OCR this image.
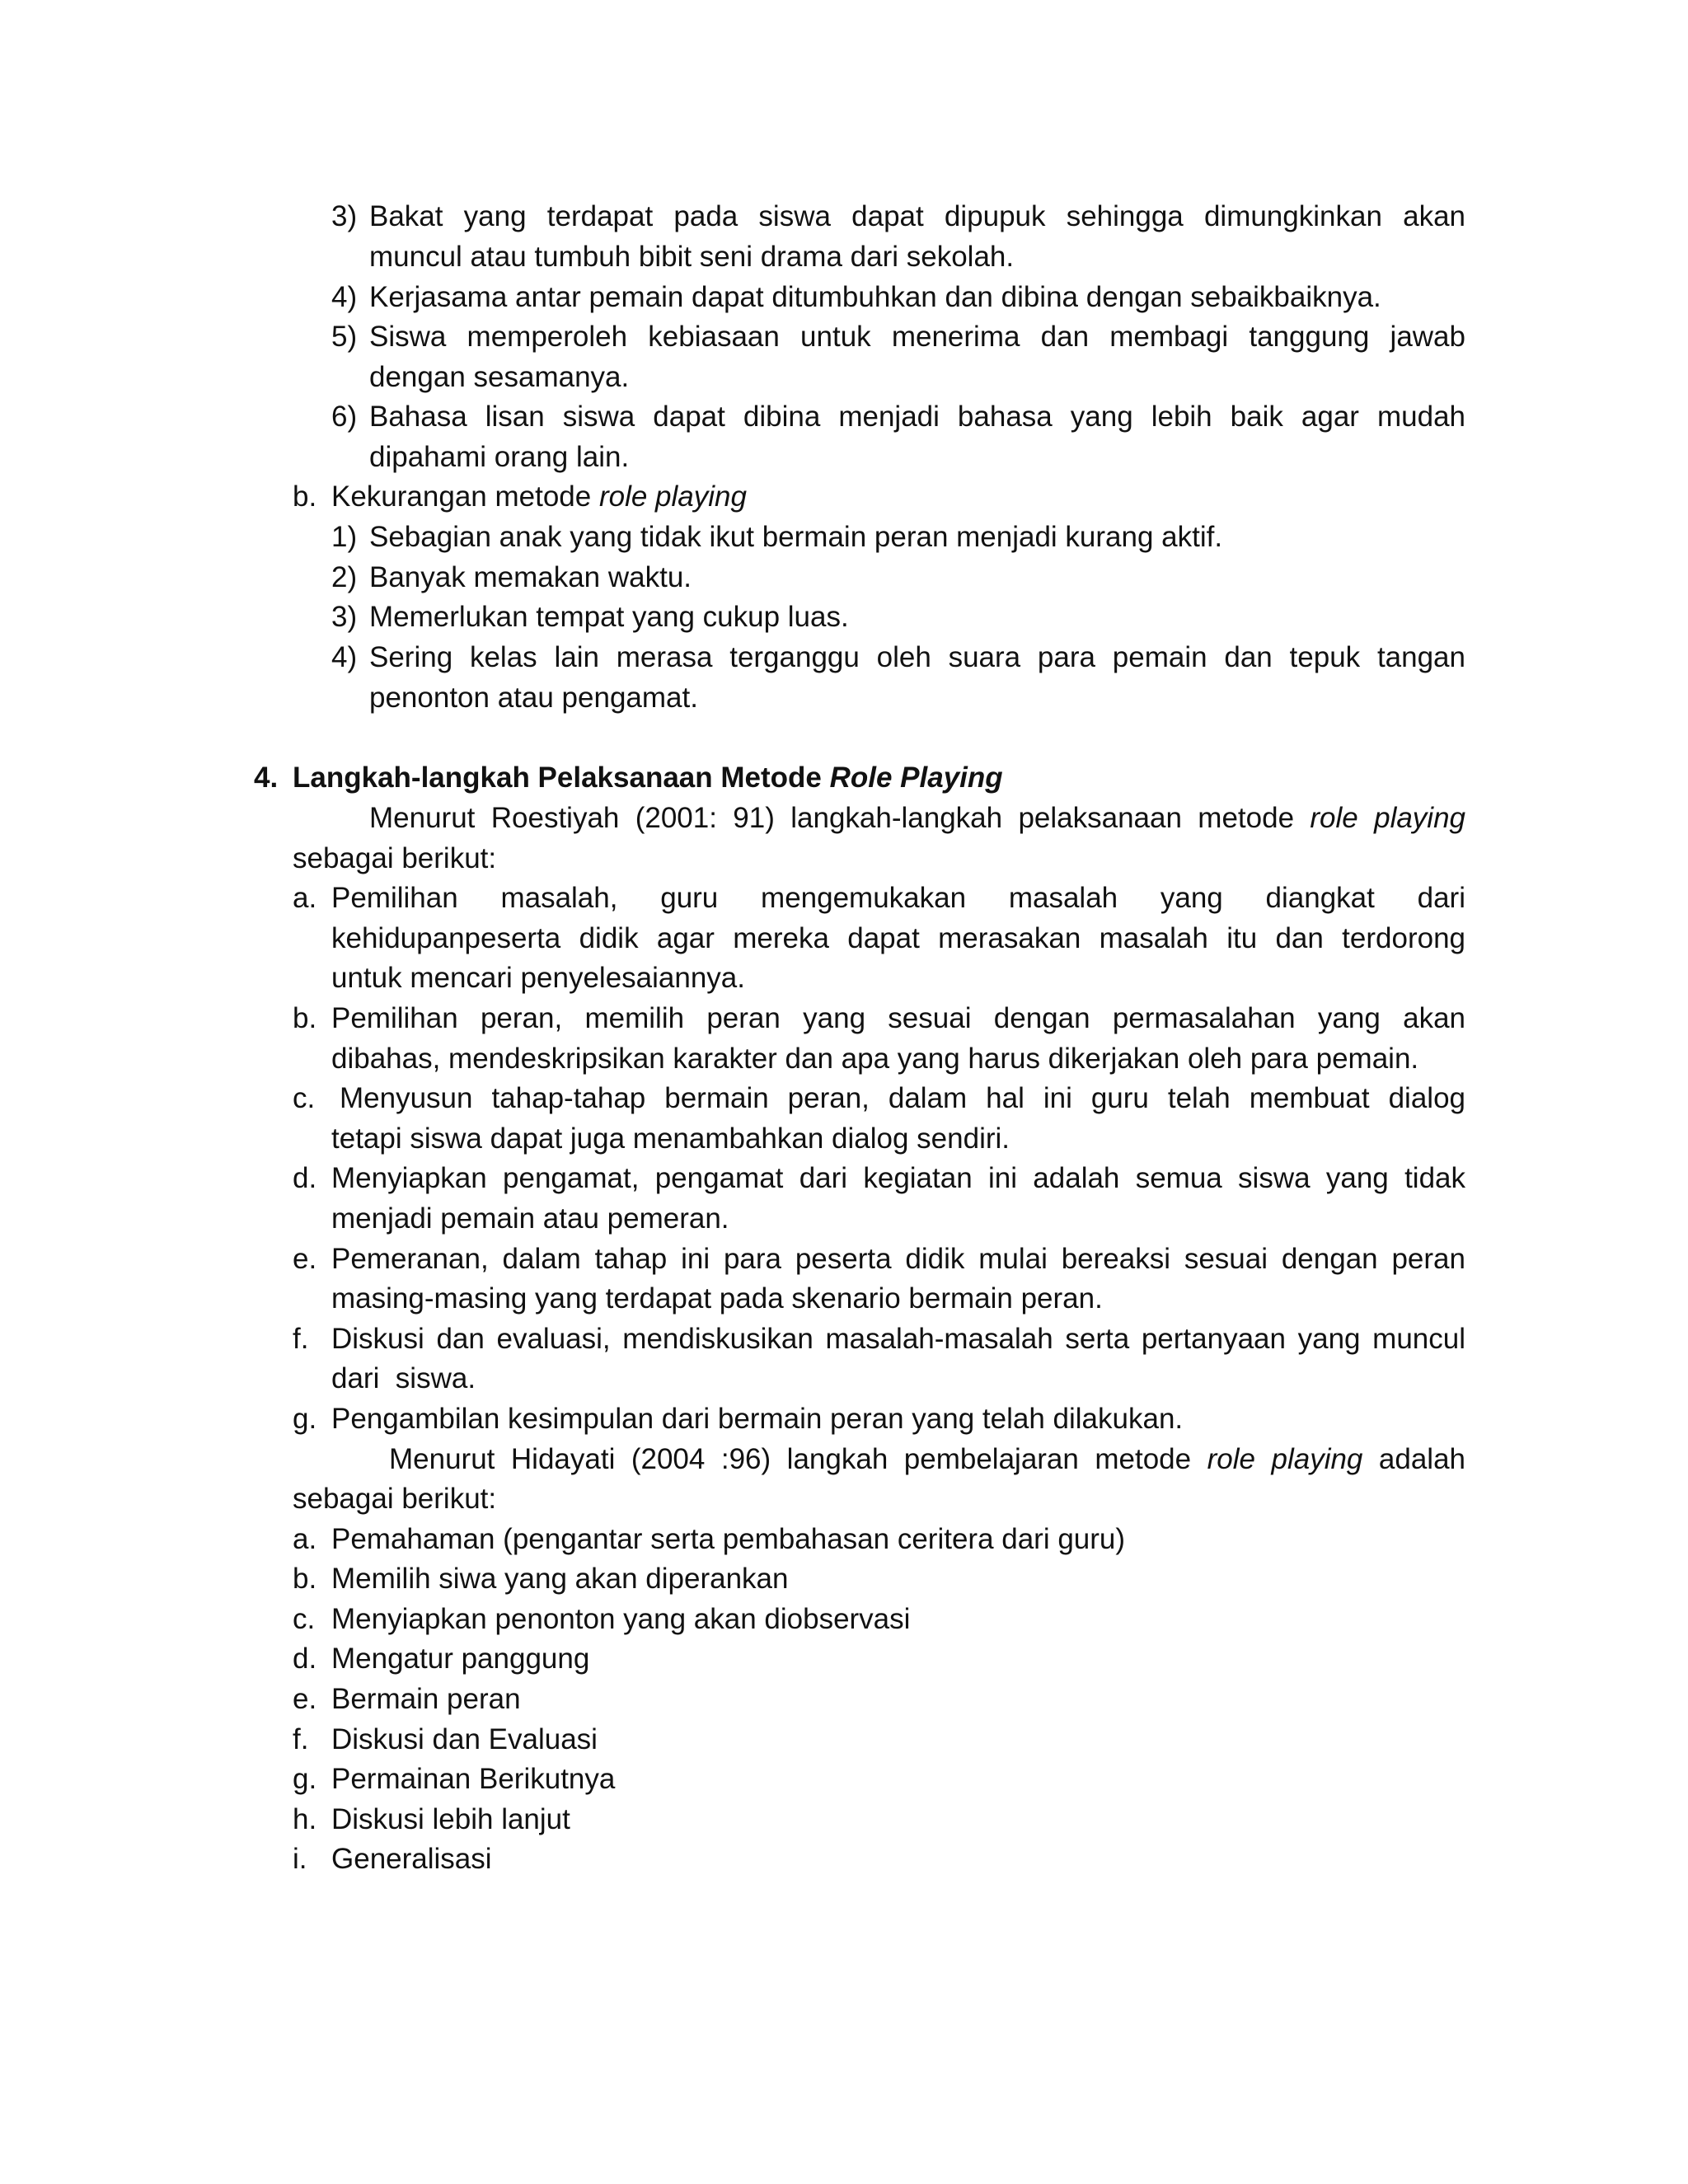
3) Bakat yang terdapat pada siswa dapat dipupuk sehingga dimungkinkan akan
muncul atau tumbuh bibit seni drama dari sekolah.
4) Kerjasama antar pemain dapat ditumbuhkan dan dibina dengan sebaikbaiknya.
5) Siswa memperoleh kebiasaan untuk menerima dan membagi tanggung jawab
dengan sesamanya.
6) Bahasa lisan siswa dapat dibina menjadi bahasa yang lebih baik agar mudah
dipahami orang lain.
b. Kekurangan metode role playing
1) Sebagian anak yang tidak ikut bermain peran menjadi kurang aktif.
2) Banyak memakan waktu.
3) Memerlukan tempat yang cukup luas.
4) Sering kelas lain merasa terganggu oleh suara para pemain dan tepuk tangan
penonton atau pengamat.
4. Langkah-langkah Pelaksanaan Metode Role Playing
Menurut Roestiyah (2001: 91) langkah-langkah pelaksanaan metode role playing
sebagai berikut:
a. Pemilihan masalah, guru mengemukakan masalah yang diangkat dari
kehidupanpeserta didik agar mereka dapat merasakan masalah itu dan terdorong
untuk mencari penyelesaiannya.
b. Pemilihan peran, memilih peran yang sesuai dengan permasalahan yang akan
dibahas, mendeskripsikan karakter dan apa yang harus dikerjakan oleh para pemain.
c. Menyusun tahap-tahap bermain peran, dalam hal ini guru telah membuat dialog
tetapi siswa dapat juga menambahkan dialog sendiri.
d. Menyiapkan pengamat, pengamat dari kegiatan ini adalah semua siswa yang tidak
menjadi pemain atau pemeran.
e. Pemeranan, dalam tahap ini para peserta didik mulai bereaksi sesuai dengan peran
masing-masing yang terdapat pada skenario bermain peran.
f. Diskusi dan evaluasi, mendiskusikan masalah-masalah serta pertanyaan yang muncul
dari  siswa.
g. Pengambilan kesimpulan dari bermain peran yang telah dilakukan.
Menurut Hidayati (2004 :96) langkah pembelajaran metode role playing adalah
sebagai berikut:
a. Pemahaman (pengantar serta pembahasan ceritera dari guru)
b. Memilih siwa yang akan diperankan
c. Menyiapkan penonton yang akan diobservasi
d. Mengatur panggung
e. Bermain peran
f. Diskusi dan Evaluasi
g. Permainan Berikutnya
h. Diskusi lebih lanjut
i. Generalisasi
